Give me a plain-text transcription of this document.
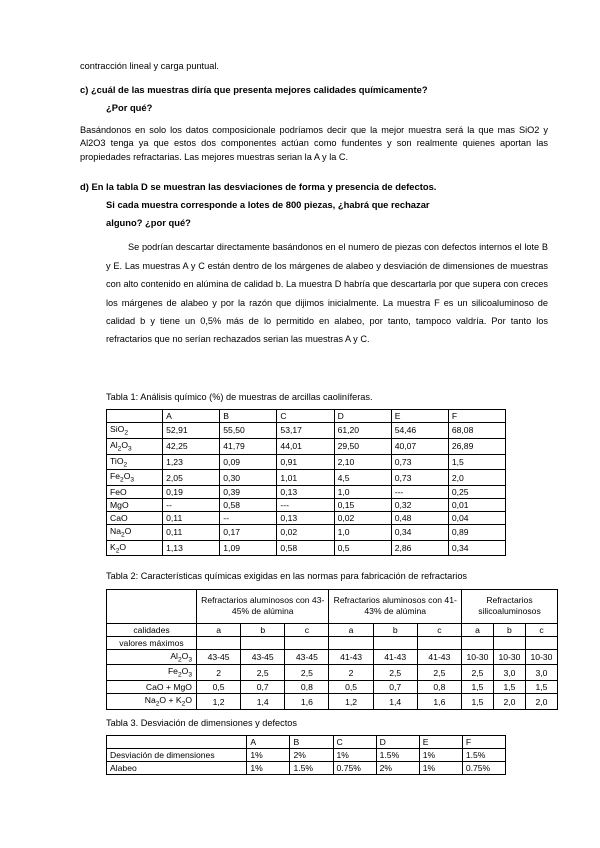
contracción lineal y carga puntual.

c) ¿cuál de las muestras diría que presenta mejores calidades químicamente?

¿Por qué?

Basándonos en solo los datos composicionale podríamos decir que la mejor muestra será la que mas SiO2 y Al2O3 tenga ya que estos dos componentes actúan como fundentes y son realmente quienes aportan las propiedades refractarias. Las mejores muestras serian la A y la C.

d) En la tabla D se muestran las desviaciones de forma y presencia de defectos.

Si cada muestra corresponde a lotes de 800 piezas, ¿habrá que rechazar

alguno? ¿por qué?

Se podrían descartar directamente basándonos en el numero de piezas con defectos internos el lote B y E. Las muestras A y C están dentro de los márgenes de alabeo y desviación de dimensiones de muestras con alto contenido en alúmina de calidad b. La muestra D habría que descartarla por que supera con creces los márgenes de alabeo y por la razón que dijimos inicialmente. La muestra F es un silicoaluminoso de calidad b y tiene un 0,5% más de lo permitido en alabeo, por tanto, tampoco valdría. Por tanto los refractarios que no serían rechazados serian las muestras A y C.

Tabla 1: Análisis químico (%) de muestras de arcillas caoliníferas.

	A	B	C	D	E	F
SiO$_2$	52,91	55,50	53,17	61,20	54,46	68,08
$Al_2O_3$	42,25	41,79	44,01	29,50	40,07	26,89
TiO$_2$	1,23	0,09	0,91	2,10	0,73	1,5
$Fe_2O_3$	2,05	0,30	1,01	4,5	0,73	2,0
FeO	0,19	0,39	0,13	1,0	---	0,25
MgO	--	0,58	---	0,15	0,32	0,01
CaO	0,11	--	0,13	0,02	0,48	0,04
$Na_2O$	0,11	0,17	0,02	1,0	0,34	0,89
$K_2O$	1,13	1,09	0,58	0,5	2,86	0,34

Tabla 2: Características químicas exigidas en las normas para fabricación de refractarios

	Refractarios aluminosos con 43-45% de alúmina			Refractarios aluminosos con 41-43% de alúmina			Refractarios silicoaluminosos		
calidades	a	b	c	a	b	c	a	b	c
valores máximos									
$Al_2O_3$	43-45	43-45	43-45	41-43	41-43	41-43	10-30	10-30	10-30
$Fe_2O_3$	2	2,5	2,5	2	2,5	2,5	2,5	3,0	3,0
CaO + MgO	0,5	0,7	0,8	0,5	0,7	0,8	1,5	1,5	1,5
$Na_2O + K_2O$	1,2	1,4	1,6	1,2	1,4	1,6	1,5	2,0	2,0

Tabla 3. Desviación de dimensiones y defectos

	A	B	C	D	E	F
Desviación de dimensiones	1%	2%	1%	1.5%	1%	1.5%
Alabeo	1%	1.5%	0.75%	2%	1%	0.75%
